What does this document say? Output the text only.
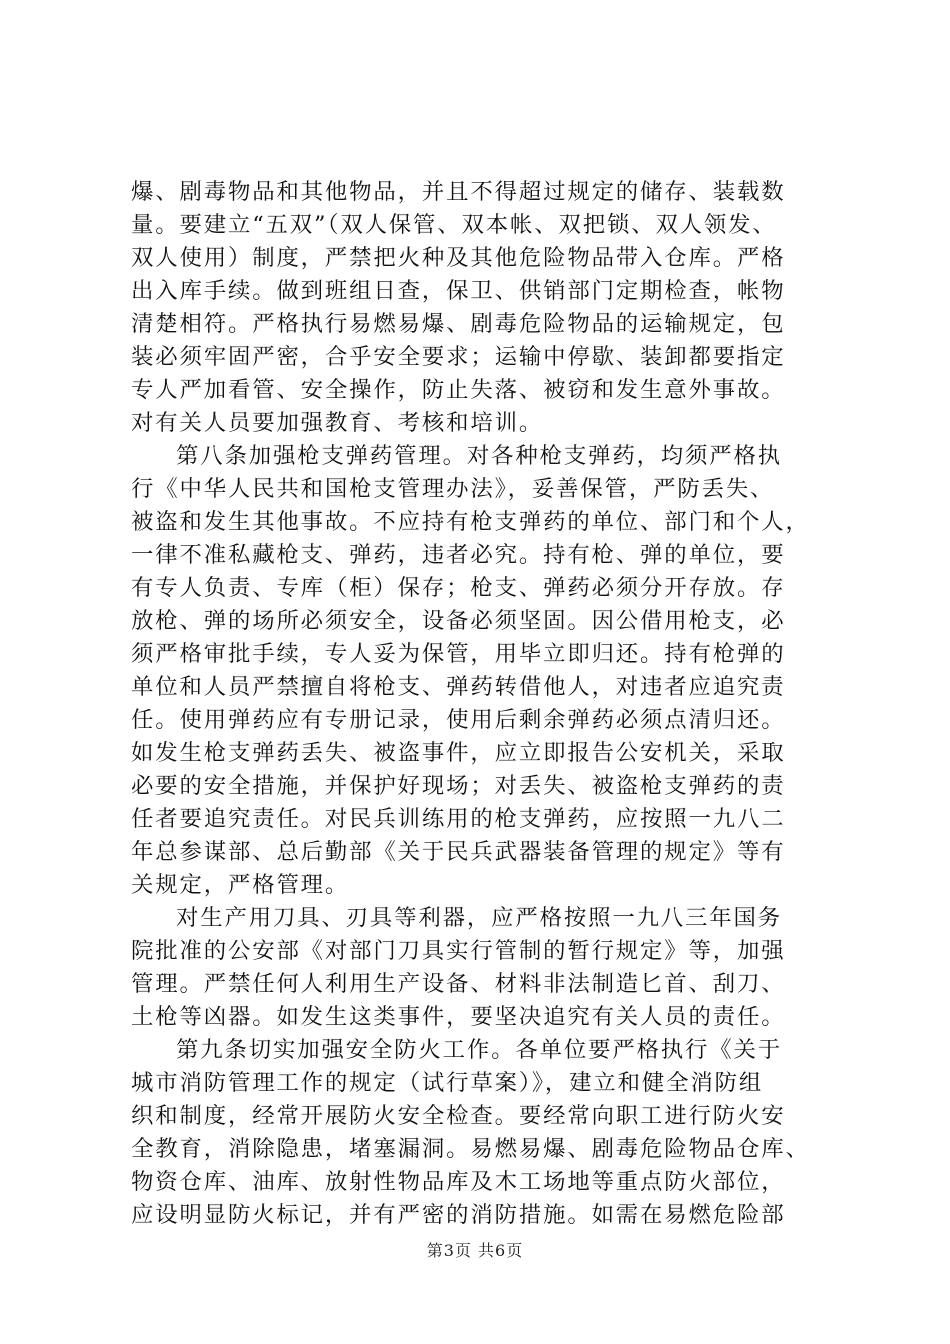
爆、剧毒物品和其他物品，并且不得超过规定的储存、装载数
量。要建立“五双”（双人保管、双本帐、双把锁、双人领发、
双人使用）制度，严禁把火种及其他危险物品带入仓库。严格
出入库手续。做到班组日查，保卫、供销部门定期检查，帐物
清楚相符。严格执行易燃易爆、剧毒危险物品的运输规定，包
装必须牢固严密，合乎安全要求；运输中停歇、装卸都要指定
专人严加看管、安全操作，防止失落、被窃和发生意外事故。
对有关人员要加强教育、考核和培训。
第八条加强枪支弹药管理。对各种枪支弹药，均须严格执
行《中华人民共和国枪支管理办法》，妥善保管，严防丢失、
被盗和发生其他事故。不应持有枪支弹药的单位、部门和个人，
一律不准私藏枪支、弹药，违者必究。持有枪、弹的单位，要
有专人负责、专库（柜）保存；枪支、弹药必须分开存放。存
放枪、弹的场所必须安全，设备必须坚固。因公借用枪支，必
须严格审批手续，专人妥为保管，用毕立即归还。持有枪弹的
单位和人员严禁擅自将枪支、弹药转借他人，对违者应追究责
任。使用弹药应有专册记录，使用后剩余弹药必须点清归还。
如发生枪支弹药丢失、被盗事件，应立即报告公安机关，采取
必要的安全措施，并保护好现场；对丢失、被盗枪支弹药的责
任者要追究责任。对民兵训练用的枪支弹药，应按照一九八二
年总参谋部、总后勤部《关于民兵武器装备管理的规定》等有
关规定，严格管理。
对生产用刀具、刃具等利器，应严格按照一九八三年国务
院批准的公安部《对部门刀具实行管制的暂行规定》等，加强
管理。严禁任何人利用生产设备、材料非法制造匕首、刮刀、
土枪等凶器。如发生这类事件，要坚决追究有关人员的责任。
第九条切实加强安全防火工作。各单位要严格执行《关于
城市消防管理工作的规定（试行草案）》，建立和健全消防组
织和制度，经常开展防火安全检查。要经常向职工进行防火安
全教育，消除隐患，堵塞漏洞。易燃易爆、剧毒危险物品仓库、
物资仓库、油库、放射性物品库及木工场地等重点防火部位，
应设明显防火标记，并有严密的消防措施。如需在易燃危险部
第3页 共6页
